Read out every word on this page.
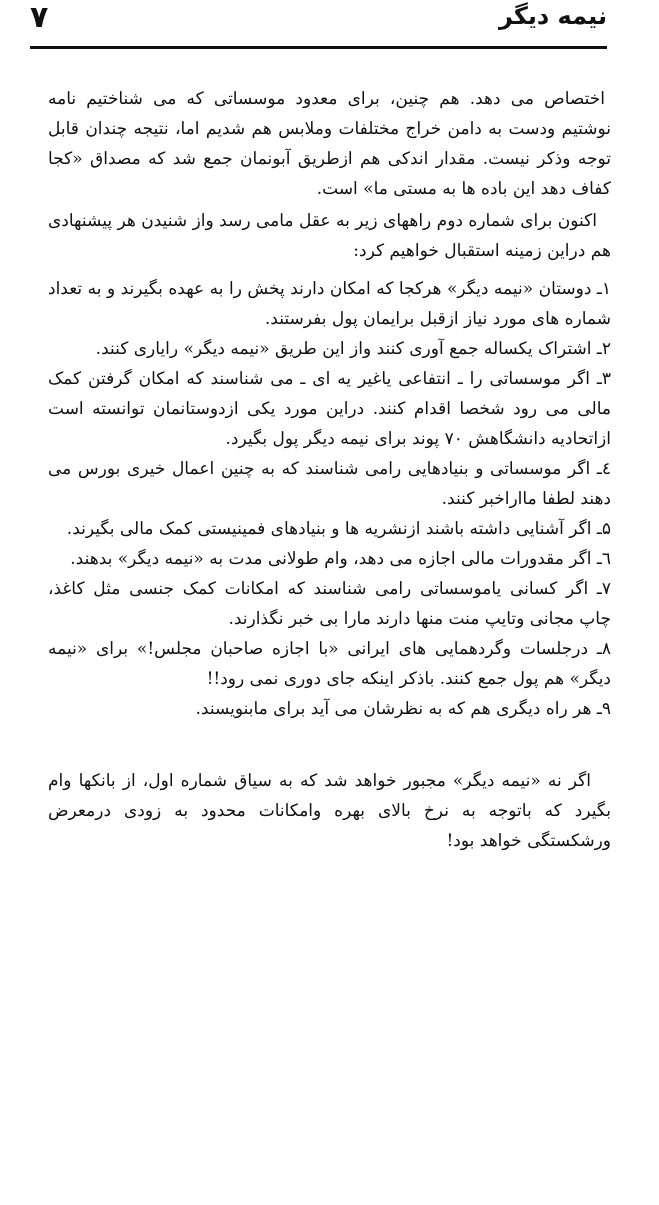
نیمه دیگر
۷

اختصاص می دهد. هم چنین، برای معدود موسساتی که می شناختیم نامه نوشتیم ودست به دامن خراج مختلفات وملابس هم شدیم اما، نتیجه چندان قابل توجه وذکر نیست. مقدار اندکی هم ازطریق آبونمان جمع شد که مصداق «کجا کفاف دهد این باده ها به مستی ما» است.

اکنون برای شماره دوم راههای زیر به عقل مامی رسد واز شنیدن هر پیشنهادی هم دراین زمینه استقبال خواهیم کرد:

۱ـ دوستان «نیمه دیگر» هرکجا که امکان دارند پخش را به عهده بگیرند و به تعداد شماره های مورد نیاز ازقبل برایمان پول بفرستند.

۲ـ اشتراک یکساله جمع آوری کنند واز این طریق «نیمه دیگر» رایاری کنند.

۳ـ اگر موسساتی را ـ انتفاعی یاغیر یه ای ـ می شناسند که امکان گرفتن کمک مالی می رود شخصا اقدام کنند. دراین مورد یکی ازدوستانمان توانسته است ازاتحادیه دانشگاهش ۷۰ پوند برای نیمه دیگر پول بگیرد.

٤ـ اگر موسساتی و بنیادهایی رامی شناسند که به چنین اعمال خیری بورس می دهند لطفا مااراخبر کنند.

۵ـ اگر آشنایی داشته باشند ازنشریه ها و بنیادهای فمینیستی کمک مالی بگیرند.

٦ـ اگر مقدورات مالی اجازه می دهد، وام طولانی مدت به «نیمه دیگر» بدهند.

۷ـ اگر کسانی یاموسساتی رامی شناسند که امکانات کمک جنسی مثل کاغذ، چاپ مجانی وتایپ منت منها دارند مارا بی خبر نگذارند.

۸ـ درجلسات وگردهمایی های ایرانی «با اجازه صاحبان مجلس!» برای «نیمه دیگر» هم پول جمع کنند. باذکر اینکه جای دوری نمی رود!!

۹ـ هر راه دیگری هم که به نظرشان می آید برای مابنویسند.

اگر نه «نیمه دیگر» مجبور خواهد شد که به سیاق شماره اول، از بانکها وام بگیرد که باتوجه به نرخ بالای بهره وامکانات محدود به زودی درمعرض ورشکستگی خواهد بود!
